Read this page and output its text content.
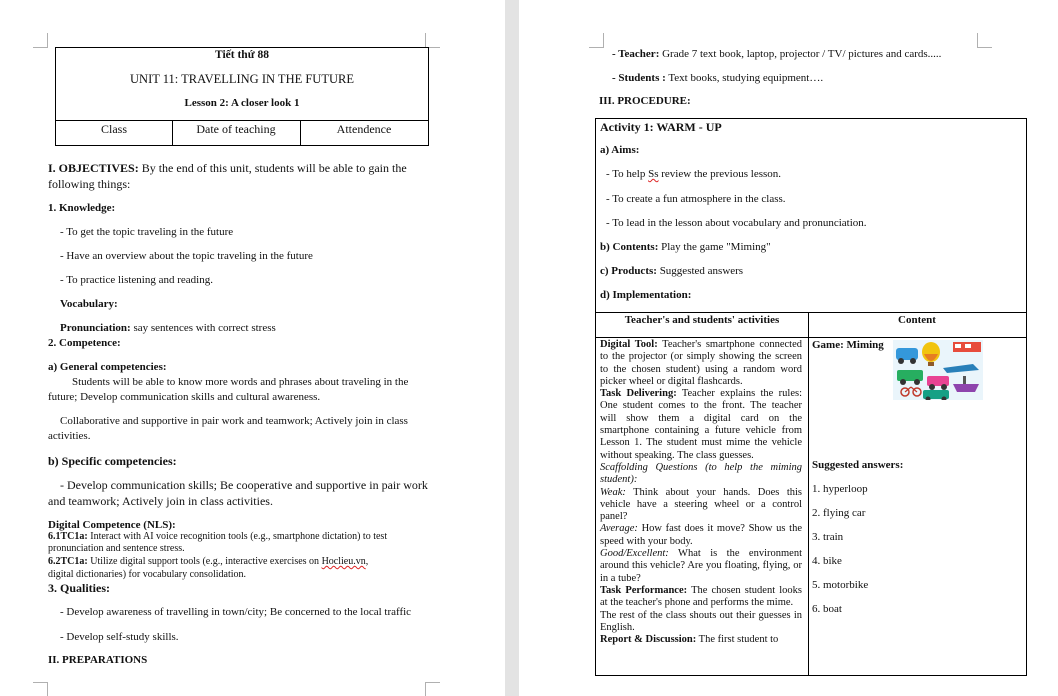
Tiết thứ 88
UNIT 11: TRAVELLING IN THE FUTURE
Lesson 2: A closer look 1
Class	Date of teaching	Attendence
I. OBJECTIVES: By the end of this unit, students will be able to gain the
following things:
1. Knowledge:
- To get the topic traveling in the future
- Have an overview about the topic traveling in the future
- To practice listening and reading.
Vocabulary:
Pronunciation: say sentences with correct stress
2. Competence:
a) General competencies:
Students will be able to know more words and phrases about traveling in the
future; Develop communication skills and cultural awareness.
Collaborative and supportive in pair work and teamwork; Actively join in class
activities.
b) Specific competencies:
- Develop communication skills; Be cooperative and supportive in pair work
and teamwork; Actively join in class activities.
Digital Competence (NLS):
6.1TC1a: Interact with AI voice recognition tools (e.g., smartphone dictation) to test
pronunciation and sentence stress.
6.2TC1a: Utilize digital support tools (e.g., interactive exercises on Hoclieu.vn,
digital dictionaries) for vocabulary consolidation.
3. Qualities:
- Develop awareness of travelling in town/city; Be concerned to the local traffic
- Develop self-study skills.
II. PREPARATIONS
- Teacher: Grade 7 text book, laptop, projector / TV/ pictures and cards.....
- Students : Text books, studying equipment….
III. PROCEDURE:
Activity 1: WARM - UP
a) Aims:
- To help Ss review the previous lesson.
- To create a fun atmosphere in the class.
- To lead in the lesson about vocabulary and pronunciation.
b) Contents: Play the game "Miming"
c) Products: Suggested answers
d) Implementation:
Teacher's and students' activities	Content
Digital Tool: Teacher's smartphone connected to the projector (or simply showing the screen to the chosen student) using a random word picker wheel or digital flashcards.
Task Delivering: Teacher explains the rules: One student comes to the front. The teacher will show them a digital card on the smartphone containing a future vehicle from Lesson 1. The student must mime the vehicle without speaking. The class guesses.
Scaffolding Questions (to help the miming student):
Weak: Think about your hands. Does this vehicle have a steering wheel or a control panel?
Average: How fast does it move? Show us the speed with your body.
Good/Excellent: What is the environment around this vehicle? Are you floating, flying, or in a tube?
Task Performance: The chosen student looks at the teacher's phone and performs the mime.
The rest of the class shouts out their guesses in English.
Report & Discussion: The first student to
Game: Miming
Suggested answers:
1. hyperloop
2. flying car
3. train
4. bike
5. motorbike
6. boat
